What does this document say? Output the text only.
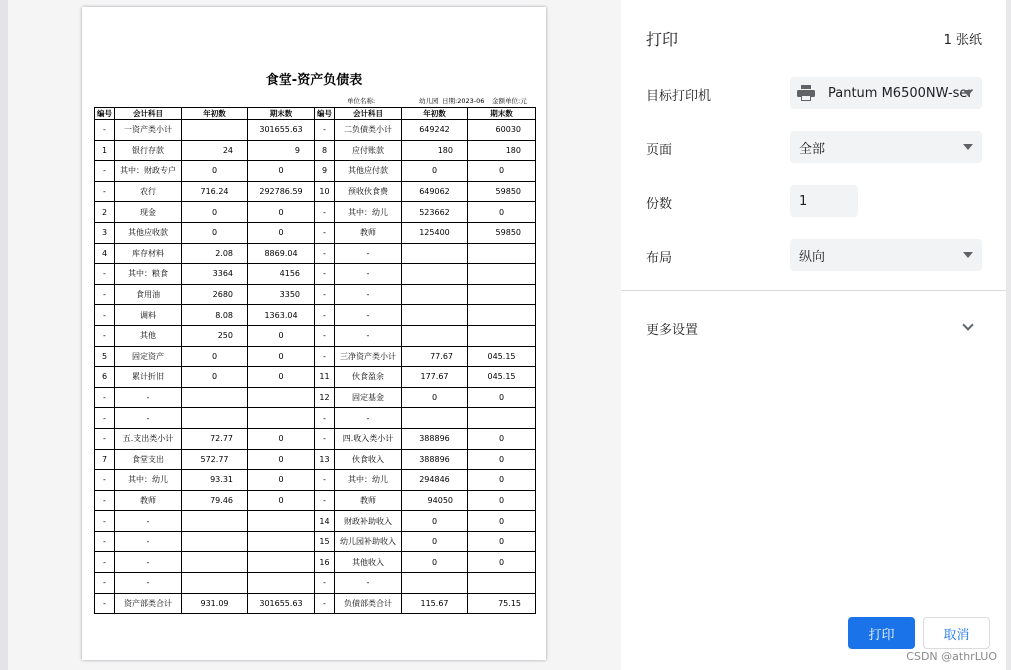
食堂-资产负债表
单位名称:	幼儿园 日期:2023-06 金额单位:元
编号	会计科目	年初数	期末数	编号	会计科目	年初数	期末数
-	一资产类小计		301655.63	-	二负债类小计	649242	60030
1	银行存款	24	9	8	应付账款	180	180
-	其中：财政专户	0	0	9	其他应付款	0	0
-	农行	716.24	292786.59	10	预收伙食费	649062	59850
2	现金	0	0	-	其中：幼儿	523662	0
3	其他应收款	0	0	-	教师	125400	59850
4	库存材料	2.08	8869.04	-	-		
-	其中：粮食	3364	4156	-	-		
-	食用油	2680	3350	-	-		
-	调料	8.08	1363.04	-	-		
-	其他	250	0	-	-		
5	固定资产	0	0	-	三净资产类小计	77.67	045.15
6	累计折旧	0	0	11	伙食盈余	177.67	045.15
-	-			12	固定基金	0	0
-	-			-	-		
-	五.支出类小计	72.77	0	-	四.收入类小计	388896	0
7	食堂支出	572.77	0	13	伙食收入	388896	0
-	其中：幼儿	93.31	0	-	其中：幼儿	294846	0
-	教师	79.46	0	-	教师	94050	0
-	-			14	财政补助收入	0	0
-	-			15	幼儿园补助收入	0	0
-	-			16	其他收入	0	0
-	-			-	-		
-	资产部类合计	931.09	301655.63	-	负债部类合计	115.67	75.15
打印	1 张纸
目标打印机	Pantum M6500NW-ser
页面	全部
份数	1
布局	纵向
更多设置
打印	取消
CSDN @athrLUO
